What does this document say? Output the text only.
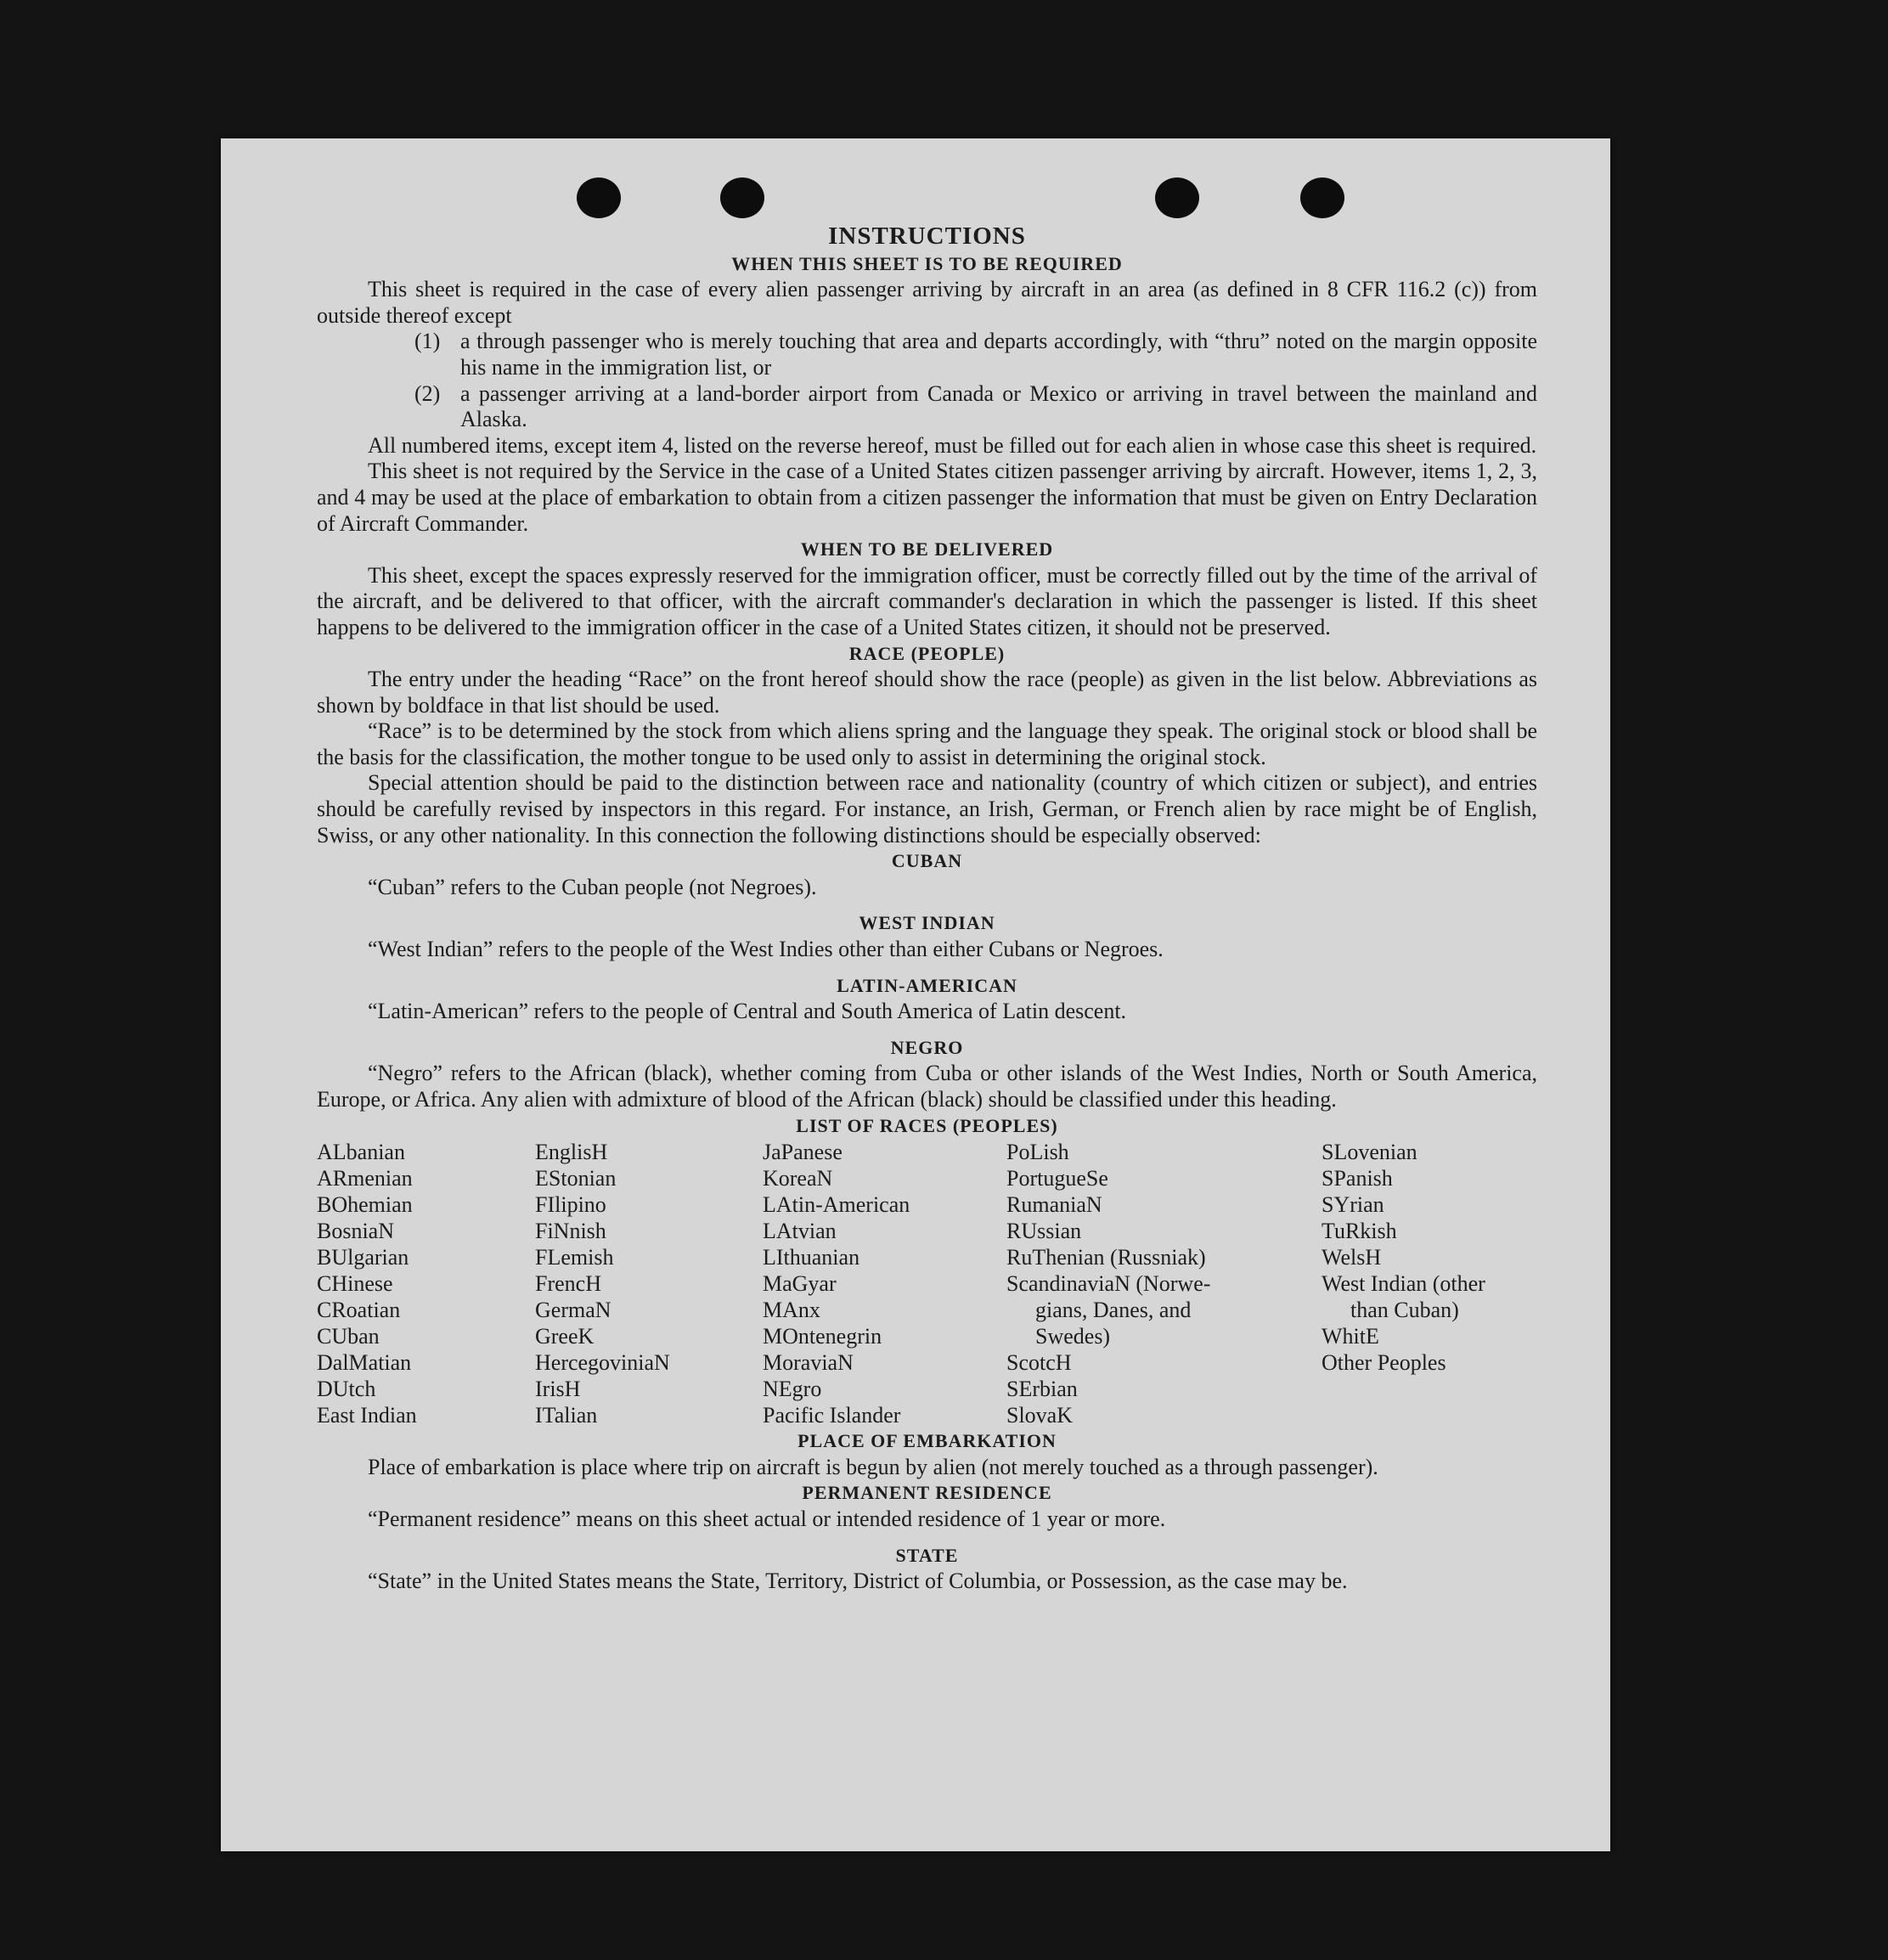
INSTRUCTIONS
WHEN THIS SHEET IS TO BE REQUIRED

This sheet is required in the case of every alien passenger arriving by aircraft in an area (as defined in 8 CFR 116.2 (c)) from outside thereof except

(1) a through passenger who is merely touching that area and departs accordingly, with “thru” noted on the margin opposite his name in the immigration list, or
(2) a passenger arriving at a land-border airport from Canada or Mexico or arriving in travel between the mainland and Alaska.

All numbered items, except item 4, listed on the reverse hereof, must be filled out for each alien in whose case this sheet is required.

This sheet is not required by the Service in the case of a United States citizen passenger arriving by aircraft. However, items 1, 2, 3, and 4 may be used at the place of embarkation to obtain from a citizen passenger the information that must be given on Entry Declaration of Aircraft Commander.

WHEN TO BE DELIVERED

This sheet, except the spaces expressly reserved for the immigration officer, must be correctly filled out by the time of the arrival of the aircraft, and be delivered to that officer, with the aircraft commander's declaration in which the passenger is listed. If this sheet happens to be delivered to the immigration officer in the case of a United States citizen, it should not be preserved.

RACE (PEOPLE)

The entry under the heading “Race” on the front hereof should show the race (people) as given in the list below. Abbreviations as shown by boldface in that list should be used.

“Race” is to be determined by the stock from which aliens spring and the language they speak. The original stock or blood shall be the basis for the classification, the mother tongue to be used only to assist in determining the original stock.

Special attention should be paid to the distinction between race and nationality (country of which citizen or subject), and entries should be carefully revised by inspectors in this regard. For instance, an Irish, German, or French alien by race might be of English, Swiss, or any other nationality. In this connection the following distinctions should be especially observed:

CUBAN

“Cuban” refers to the Cuban people (not Negroes).

WEST INDIAN

“West Indian” refers to the people of the West Indies other than either Cubans or Negroes.

LATIN-AMERICAN

“Latin-American” refers to the people of Central and South America of Latin descent.

NEGRO

“Negro” refers to the African (black), whether coming from Cuba or other islands of the West Indies, North or South America, Europe, or Africa. Any alien with admixture of blood of the African (black) should be classified under this heading.

LIST OF RACES (PEOPLES)
ALbanian
ARmenian
BOhemian
BosniaN
BUlgarian
CHinese
CRoatian
CUban
DalMatian
DUtch
East Indian
EnglisH
EStonian
FIlipino
FiNnish
FLemish
FrencH
GermaN
GreeK
HercegoviniaN
IrisH
ITalian
JaPanese
KoreaN
LAtin-American
LAtvian
LIthuanian
MaGyar
MAnx
MOntenegrin
MoraviaN
NEgro
Pacific Islander
PoLish
PortugueSe
RumaniaN
RUssian
RuThenian (Russniak)
ScandinaviaN (Norwe-
gians, Danes, and
Swedes)
ScotcH
SErbian
SlovaK
SLovenian
SPanish
SYrian
TuRkish
WelsH
West Indian (other
than Cuban)
WhitE
Other Peoples
PLACE OF EMBARKATION

Place of embarkation is place where trip on aircraft is begun by alien (not merely touched as a through passenger).

PERMANENT RESIDENCE

“Permanent residence” means on this sheet actual or intended residence of 1 year or more.

STATE

“State” in the United States means the State, Territory, District of Columbia, or Possession, as the case may be.
